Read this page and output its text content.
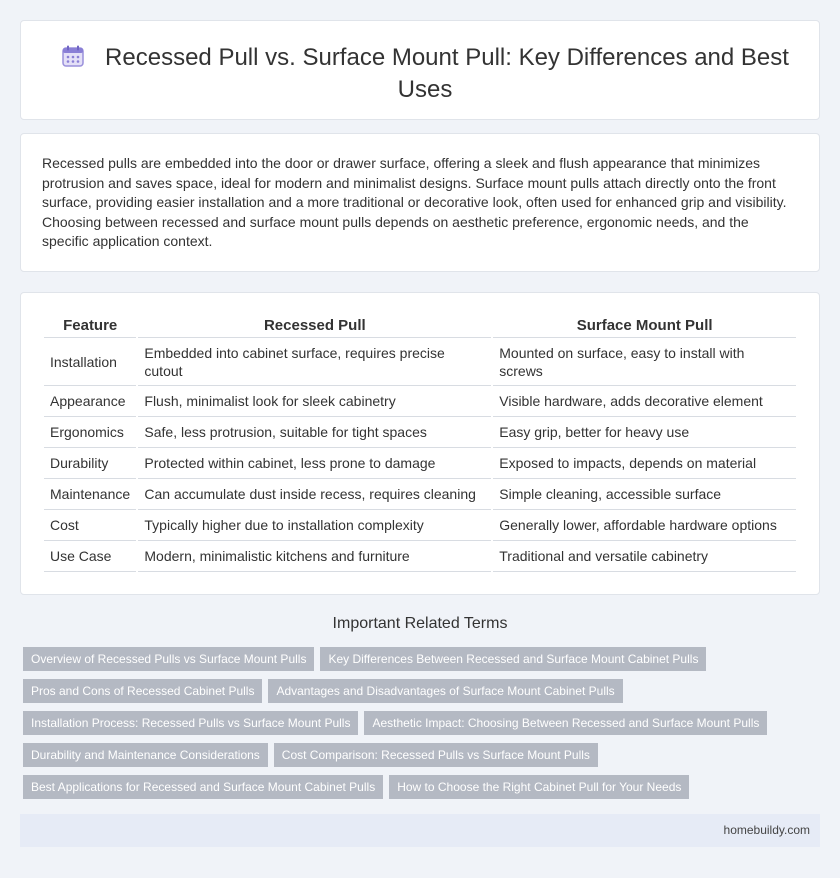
Recessed Pull vs. Surface Mount Pull: Key Differences and Best Uses

Recessed pulls are embedded into the door or drawer surface, offering a sleek and flush appearance that minimizes protrusion and saves space, ideal for modern and minimalist designs. Surface mount pulls attach directly onto the front surface, providing easier installation and a more traditional or decorative look, often used for enhanced grip and visibility. Choosing between recessed and surface mount pulls depends on aesthetic preference, ergonomic needs, and the specific application context.

Feature	Recessed Pull	Surface Mount Pull
Installation	Embedded into cabinet surface, requires precise cutout	Mounted on surface, easy to install with screws
Appearance	Flush, minimalist look for sleek cabinetry	Visible hardware, adds decorative element
Ergonomics	Safe, less protrusion, suitable for tight spaces	Easy grip, better for heavy use
Durability	Protected within cabinet, less prone to damage	Exposed to impacts, depends on material
Maintenance	Can accumulate dust inside recess, requires cleaning	Simple cleaning, accessible surface
Cost	Typically higher due to installation complexity	Generally lower, affordable hardware options
Use Case	Modern, minimalistic kitchens and furniture	Traditional and versatile cabinetry
Important Related Terms
Overview of Recessed Pulls vs Surface Mount Pulls Key Differences Between Recessed and Surface Mount Cabinet Pulls
Pros and Cons of Recessed Cabinet Pulls Advantages and Disadvantages of Surface Mount Cabinet Pulls
Installation Process: Recessed Pulls vs Surface Mount Pulls Aesthetic Impact: Choosing Between Recessed and Surface Mount Pulls
Durability and Maintenance Considerations Cost Comparison: Recessed Pulls vs Surface Mount Pulls
Best Applications for Recessed and Surface Mount Cabinet Pulls How to Choose the Right Cabinet Pull for Your Needs
homebuildy.com
